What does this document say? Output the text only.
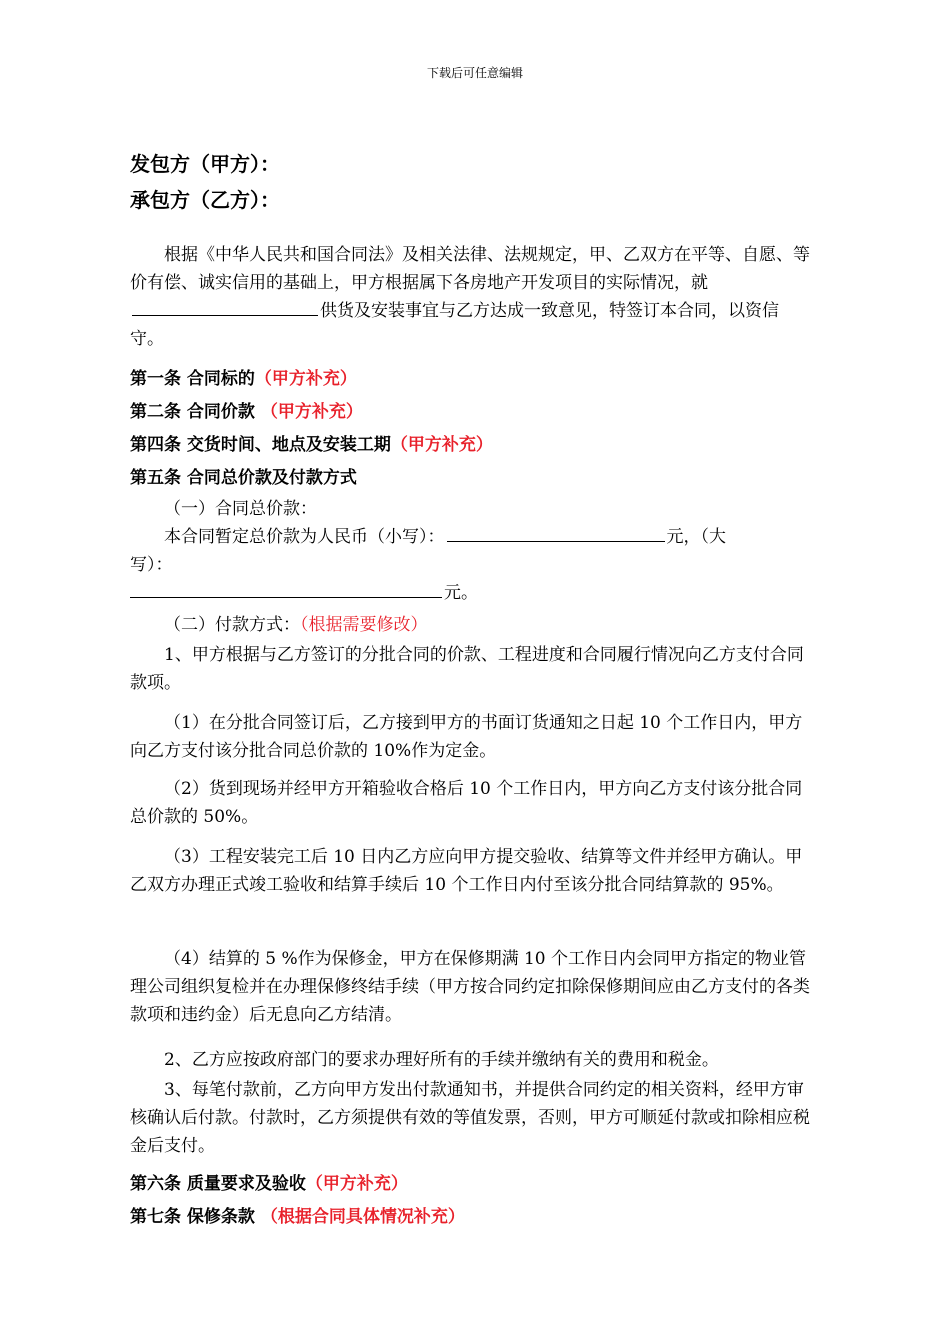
下载后可任意编辑
发包方（甲方）：
承包方（乙方）：
根据《中华人民共和国合同法》及相关法律、法规规定，甲、乙双方在平等、自愿、等价有偿、诚实信用的基础上，甲方根据属下各房地产开发项目的实际情况，就供货及安装事宜与乙方达成一致意见，特签订本合同，以资信守。
第一条 合同标的（甲方补充）
第二条 合同价款 （甲方补充）
第四条 交货时间、地点及安装工期（甲方补充）
第五条 合同总价款及付款方式
（一）合同总价款：
本合同暂定总价款为人民币（小写）：	元，（大
写）：
元。
（二）付款方式：（根据需要修改）
1、甲方根据与乙方签订的分批合同的价款、工程进度和合同履行情况向乙方支付合同款项。
（1）在分批合同签订后，乙方接到甲方的书面订货通知之日起 10 个工作日内，甲方向乙方支付该分批合同总价款的 10%作为定金。
（2）货到现场并经甲方开箱验收合格后 10 个工作日内，甲方向乙方支付该分批合同总价款的 50%。
（3）工程安装完工后 10 日内乙方应向甲方提交验收、结算等文件并经甲方确认。甲乙双方办理正式竣工验收和结算手续后 10 个工作日内付至该分批合同结算款的 95%。
（4）结算的 5 %作为保修金，甲方在保修期满 10 个工作日内会同甲方指定的物业管理公司组织复检并在办理保修终结手续（甲方按合同约定扣除保修期间应由乙方支付的各类款项和违约金）后无息向乙方结清。
2、乙方应按政府部门的要求办理好所有的手续并缴纳有关的费用和税金。
3、每笔付款前，乙方向甲方发出付款通知书，并提供合同约定的相关资料，经甲方审核确认后付款。付款时，乙方须提供有效的等值发票，否则，甲方可顺延付款或扣除相应税金后支付。
第六条 质量要求及验收（甲方补充）
第七条 保修条款 （根据合同具体情况补充）
